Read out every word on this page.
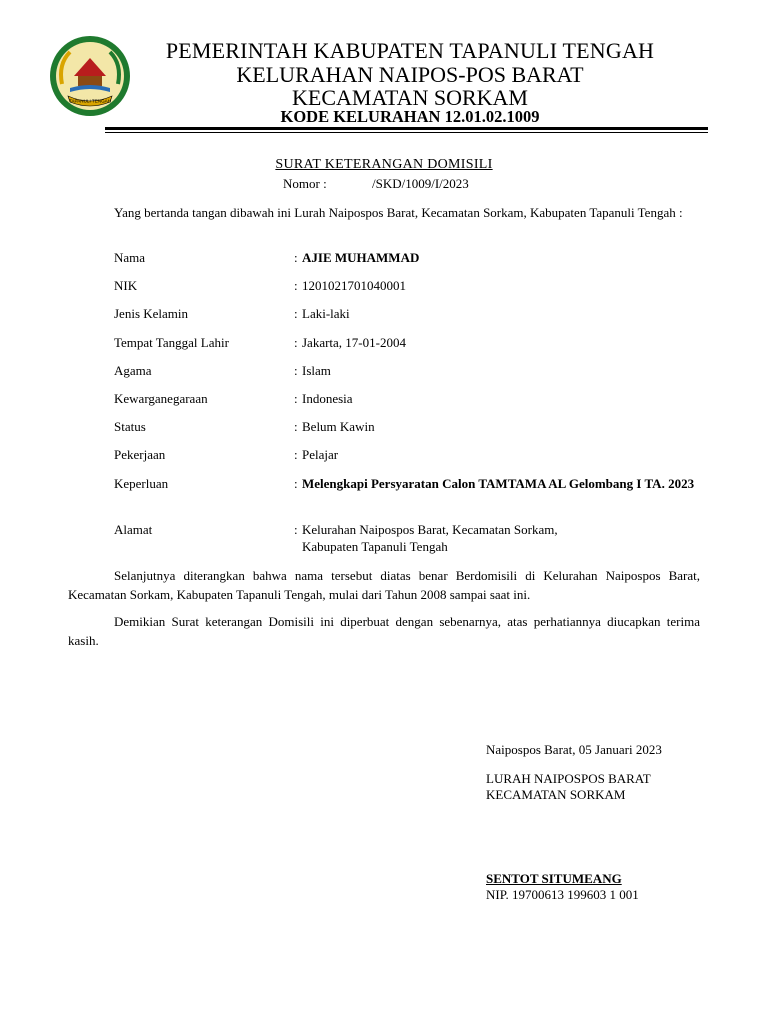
TAPANULI TENGAH
PEMERINTAH KABUPATEN TAPANULI TENGAH
KELURAHAN NAIPOS-POS BARAT
KECAMATAN SORKAM
KODE KELURAHAN 12.01.02.1009
SURAT KETERANGAN DOMISILI
Nomor :	/SKD/1009/I/2023
Yang bertanda tangan dibawah ini Lurah Naipospos Barat, Kecamatan Sorkam, Kabupaten Tapanuli Tengah :
Nama	: AJIE MUHAMMAD
NIK	: 1201021701040001
Jenis Kelamin	: Laki-laki
Tempat Tanggal Lahir	: Jakarta, 17-01-2004
Agama	: Islam
Kewarganegaraan	: Indonesia
Status	: Belum Kawin
Pekerjaan	: Pelajar
Keperluan	: Melengkapi Persyaratan Calon TAMTAMA AL Gelombang I TA. 2023
Alamat	: Kelurahan Naipospos Barat, Kecamatan Sorkam,
Kabupaten Tapanuli Tengah
Selanjutnya diterangkan bahwa nama tersebut diatas benar Berdomisili di Kelurahan Naipospos Barat, Kecamatan Sorkam, Kabupaten Tapanuli Tengah, mulai dari Tahun 2008 sampai saat ini.
Demikian Surat keterangan Domisili ini diperbuat dengan sebenarnya, atas perhatiannya diucapkan terima kasih.
Naipospos Barat, 05 Januari 2023
LURAH NAIPOSPOS BARAT
KECAMATAN SORKAM
SENTOT SITUMEANG
NIP. 19700613 199603 1 001
